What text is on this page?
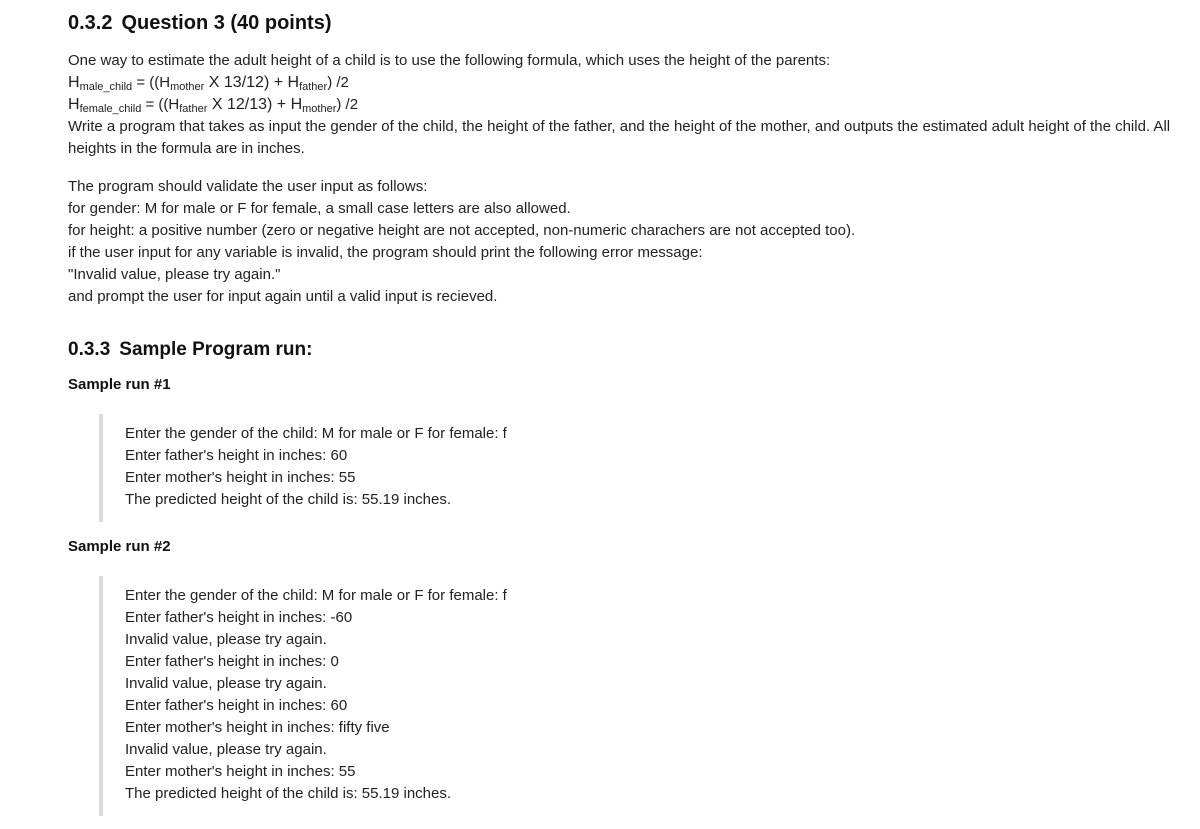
0.3.2 Question 3 (40 points)
One way to estimate the adult height of a child is to use the following formula, which uses the height of the parents:
$H_{male\_child} = ((H_{mother}$ X $13/12) + H_{father}$) /2
$H_{female\_child} = ((H_{father}$ X $12/13) + H_{mother}$) /2
Write a program that takes as input the gender of the child, the height of the father, and the height of the mother, and outputs the estimated adult height of the child. All heights in the formula are in inches.
The program should validate the user input as follows:
for gender: M for male or F for female, a small case letters are also allowed.
for height: a positive number (zero or negative height are not accepted, non-numeric charachers are not accepted too).
if the user input for any variable is invalid, the program should print the following error message:
"Invalid value, please try again."
and prompt the user for input again until a valid input is recieved.
0.3.3 Sample Program run:
Sample run #1
Enter the gender of the child: M for male or F for female: f
Enter father's height in inches: 60
Enter mother's height in inches: 55
The predicted height of the child is: 55.19 inches.
Sample run #2
Enter the gender of the child: M for male or F for female: f
Enter father's height in inches: -60
Invalid value, please try again.
Enter father's height in inches: 0
Invalid value, please try again.
Enter father's height in inches: 60
Enter mother's height in inches: fifty five
Invalid value, please try again.
Enter mother's height in inches: 55
The predicted height of the child is: 55.19 inches.
